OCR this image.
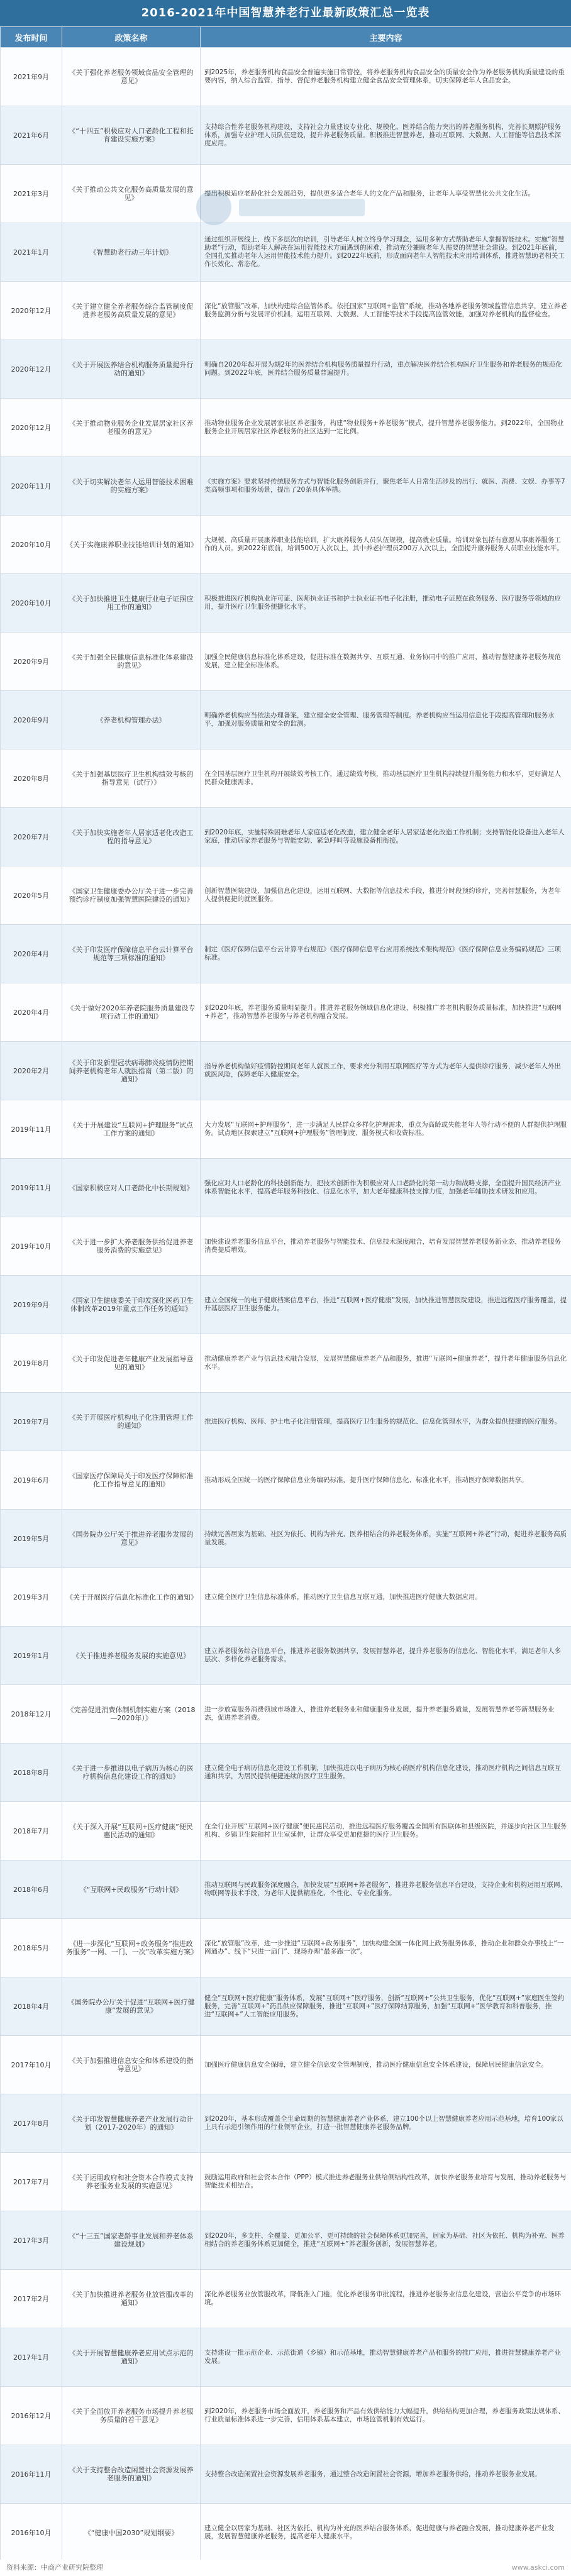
2016-2021年中国智慧养老行业最新政策汇总一览表
发布时间	政策名称	主要内容
2021年9月	《关于强化养老服务领域食品安全管理的意见》	到2025年，养老服务机构食品安全普遍实施日常管控，将养老服务机构食品安全的质量安全作为养老服务机构质量建设的重要内容，纳入综合监管、指导、督促养老服务机构建立健全食品安全管理体系，切实保障老年人食品安全。
2021年6月	《“十四五”积极应对人口老龄化工程和托育建设实施方案》	支持综合性养老服务机构建设，支持社会力量建设专业化、规模化、医养结合能力突出的养老服务机构，完善长期照护服务体系，加强专业护理人员队伍建设，提升养老服务质量。积极推进智慧养老，推动互联网、大数据、人工智能等信息技术深度应用。
2021年3月	《关于推动公共文化服务高质量发展的意见》	提出积极适应老龄化社会发展趋势，提供更多适合老年人的文化产品和服务，让老年人享受智慧化公共文化生活。
2021年1月	《智慧助老行动三年计划》	通过组织开展线上、线下多层次的培训，引导老年人树立终身学习理念，运用多种方式帮助老年人掌握智能技术。实施“智慧助老”行动，帮助老年人解决在运用智能技术方面遇到的困难，推动充分兼顾老年人需要的智慧社会建设。到2021年底前，全国扎实推动老年人运用智能技术能力提升。到2022年底前，形成面向老年人智能技术应用培训体系，推进智慧助老相关工作长效化、常态化。
2020年12月	《关于建立健全养老服务综合监管制度促进养老服务高质量发展的意见》	深化“放管服”改革，加快构建综合监管体系。依托国家“互联网+监管”系统，推动各地养老服务领域监管信息共享，建立养老服务监测分析与发展评价机制。运用互联网、大数据、人工智能等技术手段提高监管效能，加强对养老机构的监督检查。
2020年12月	《关于开展医养结合机构服务质量提升行动的通知》	明确自2020年起开展为期2年的医养结合机构服务质量提升行动，重点解决医养结合机构医疗卫生服务和养老服务的规范化问题。到2022年底，医养结合服务质量普遍提升。
2020年12月	《关于推动物业服务企业发展居家社区养老服务的意见》	推动物业服务企业发展居家社区养老服务，构建“物业服务+养老服务”模式，提升智慧养老服务能力。到2022年，全国物业服务企业开展居家社区养老服务的社区达到一定比例。
2020年11月	《关于切实解决老年人运用智能技术困难的实施方案》	《实施方案》要求坚持传统服务方式与智能化服务创新并行，聚焦老年人日常生活涉及的出行、就医、消费、文娱、办事等7类高频事项和服务场景，提出了20条具体举措。
2020年10月	《关于实施康养职业技能培训计划的通知》	大规模、高质量开展康养职业技能培训，扩大康养服务人员队伍规模，提高就业质量。培训对象包括有意愿从事康养服务工作的人员。到2022年底前，培训500万人次以上，其中养老护理员200万人次以上，全面提升康养服务人员职业技能水平。
2020年10月	《关于加快推进卫生健康行业电子证照应用工作的通知》	积极推进医疗机构执业许可证、医师执业证书和护士执业证书电子化注册，推动电子证照在政务服务、医疗服务等领域的应用，提升医疗卫生服务便捷化水平。
2020年9月	《关于加强全民健康信息标准化体系建设的意见》	加强全民健康信息标准化体系建设，促进标准在数据共享、互联互通、业务协同中的推广应用，推动智慧健康养老服务规范发展，建立健全标准体系。
2020年9月	《养老机构管理办法》	明确养老机构应当依法办理备案，建立健全安全管理、服务管理等制度。养老机构应当运用信息化手段提高管理和服务水平，加强对服务质量和安全的监测。
2020年8月	《关于加强基层医疗卫生机构绩效考核的指导意见（试行）》	在全国基层医疗卫生机构开展绩效考核工作，通过绩效考核，推动基层医疗卫生机构持续提升服务能力和水平，更好满足人民群众健康需求。
2020年7月	《关于加快实施老年人居家适老化改造工程的指导意见》	到2020年底，实施特殊困难老年人家庭适老化改造，建立健全老年人居家适老化改造工作机制；支持智能化设备进入老年人家庭，推动居家养老服务与智能安防、紧急呼叫等设施设备相衔接。
2020年5月	《国家卫生健康委办公厅关于进一步完善预约诊疗制度加强智慧医院建设的通知》	创新智慧医院建设，加强信息化建设，运用互联网、大数据等信息技术手段，推进分时段预约诊疗，完善智慧服务，为老年人提供便捷的就医服务。
2020年4月	《关于印发医疗保障信息平台云计算平台规范等三项标准的通知》	制定《医疗保障信息平台云计算平台规范》《医疗保障信息平台应用系统技术架构规范》《医疗保障信息业务编码规范》三项标准。
2020年4月	《关于做好2020年养老院服务质量建设专项行动工作的通知》	到2020年底，养老服务质量明显提升。推进养老服务领域信息化建设，积极推广养老机构服务质量标准，加快推进“互联网+养老”，推动智慧养老服务与养老机构融合发展。
2020年2月	《关于印发新型冠状病毒肺炎疫情防控期间养老机构老年人就医指南（第二版）的通知》	指导养老机构做好疫情防控期间老年人就医工作，要求充分利用互联网医疗等方式为老年人提供诊疗服务，减少老年人外出就医风险，保障老年人健康安全。
2019年11月	《关于开展建设“互联网+护理服务”试点工作方案的通知》	大力发展“互联网+护理服务”，进一步满足人民群众多样化护理需求，重点为高龄或失能老年人等行动不便的人群提供护理服务。试点地区探索建立“互联网+护理服务”管理制度、服务模式和收费标准。
2019年11月	《国家积极应对人口老龄化中长期规划》	强化应对人口老龄化的科技创新能力，把技术创新作为积极应对人口老龄化的第一动力和战略支撑，全面提升国民经济产业体系智能化水平，提高老年服务科技化、信息化水平，加大老年健康科技支撑力度，加强老年辅助技术研发和应用。
2019年10月	《关于进一步扩大养老服务供给促进养老服务消费的实施意见》	加快建设养老服务信息平台，推动养老服务与智能技术、信息技术深度融合，培育发展智慧养老服务新业态，推动养老服务消费提质增效。
2019年9月	《国家卫生健康委关于印发深化医药卫生体制改革2019年重点工作任务的通知》	建立全国统一的电子健康档案信息平台，推进“互联网+医疗健康”发展，加快推进智慧医院建设，推进远程医疗服务覆盖，提升基层医疗卫生服务能力。
2019年8月	《关于印发促进老年健康产业发展指导意见的通知》	推动健康养老产业与信息技术融合发展，发展智慧健康养老产品和服务，推进“互联网+健康养老”，提升老年健康服务信息化水平。
2019年7月	《关于开展医疗机构电子化注册管理工作的通知》	推进医疗机构、医师、护士电子化注册管理，提高医疗卫生服务的规范化、信息化管理水平，为群众提供便捷的医疗服务。
2019年6月	《国家医疗保障局关于印发医疗保障标准化工作指导意见的通知》	推动形成全国统一的医疗保障信息业务编码标准，提升医疗保障信息化、标准化水平，推动医疗保障数据共享。
2019年5月	《国务院办公厅关于推进养老服务发展的意见》	持续完善居家为基础、社区为依托、机构为补充、医养相结合的养老服务体系，实施“互联网+养老”行动，促进养老服务高质量发展。
2019年3月	《关于开展医疗信息化标准化工作的通知》	建立健全医疗卫生信息标准体系，推动医疗卫生信息互联互通，加快推进医疗健康大数据应用。
2019年1月	《关于推进养老服务发展的实施意见》	建立养老服务综合信息平台，推进养老服务数据共享，发展智慧养老，提升养老服务的信息化、智能化水平，满足老年人多层次、多样化养老服务需求。
2018年12月	《完善促进消费体制机制实施方案（2018—2020年）》	进一步放宽服务消费领域市场准入，推进养老服务业和健康服务业发展，提升养老服务质量，发展智慧养老等新型服务业态，促进养老消费。
2018年8月	《关于进一步推进以电子病历为核心的医疗机构信息化建设工作的通知》	建立健全电子病历信息化建设工作机制，加快推进以电子病历为核心的医疗机构信息化建设，推动医疗机构之间信息互联互通和共享，为居民提供便捷连续的医疗卫生服务。
2018年7月	《关于深入开展“互联网+医疗健康”便民惠民活动的通知》	在全行业开展“互联网+医疗健康”便民惠民活动，推进远程医疗服务覆盖全国所有医联体和县级医院，并逐步向社区卫生服务机构、乡镇卫生院和村卫生室延伸，让群众享受更加便捷的医疗卫生服务。
2018年6月	《“互联网+民政服务”行动计划》	推动互联网与民政服务深度融合，加快发展“互联网+养老服务”，推进养老服务信息平台建设，支持企业和机构运用互联网、物联网等技术手段，为老年人提供精准化、个性化、专业化服务。
2018年5月	《进一步深化“互联网+政务服务”推进政务服务“一网、一门、一次”改革实施方案》	深化“放管服”改革，进一步推进“互联网+政务服务”，加快构建全国一体化网上政务服务体系，推动企业和群众办事线上“一网通办”、线下“只进一扇门”、现场办理“最多跑一次”。
2018年4月	《国务院办公厅关于促进“互联网+医疗健康”发展的意见》	健全“互联网+医疗健康”服务体系，发展“互联网+”医疗服务，创新“互联网+”公共卫生服务，优化“互联网+”家庭医生签约服务，完善“互联网+”药品供应保障服务，推进“互联网+”医疗保障结算服务，加强“互联网+”医学教育和科普服务，推进“互联网+”人工智能应用服务。
2017年10月	《关于加强推进信息安全和体系建设的指导意见》	加强医疗健康信息安全保障，建立健全信息安全管理制度，推动医疗健康信息安全体系建设，保障居民健康信息安全。
2017年8月	《关于印发智慧健康养老产业发展行动计划（2017-2020年）的通知》	到2020年，基本形成覆盖全生命周期的智慧健康养老产业体系，建立100个以上智慧健康养老应用示范基地，培育100家以上具有示范引领作用的行业领军企业，打造一批智慧健康养老服务品牌。
2017年7月	《关于运用政府和社会资本合作模式支持养老服务业发展的实施意见》	鼓励运用政府和社会资本合作（PPP）模式推进养老服务业供给侧结构性改革，加快养老服务业培育与发展，推动养老服务与智能技术相结合。
2017年3月	《“十三五”国家老龄事业发展和养老体系建设规划》	到2020年，多支柱、全覆盖、更加公平、更可持续的社会保障体系更加完善，居家为基础、社区为依托、机构为补充、医养相结合的养老服务体系更加健全，推进“互联网+”养老服务创新，发展智慧养老。
2017年2月	《关于加快推进养老服务业放管服改革的通知》	深化养老服务业放管服改革，降低准入门槛，优化养老服务审批流程，推进养老服务业信息化建设，营造公平竞争的市场环境。
2017年1月	《关于开展智慧健康养老应用试点示范的通知》	支持建设一批示范企业、示范街道（乡镇）和示范基地，推动智慧健康养老产品和服务的推广应用，推进智慧健康养老产业发展。
2016年12月	《关于全面放开养老服务市场提升养老服务质量的若干意见》	到2020年，养老服务市场全面放开，养老服务和产品有效供给能力大幅提升，供给结构更加合理，养老服务政策法规体系、行业质量标准体系进一步完善，信用体系基本建立，市场监管机制有效运行。
2016年11月	《关于支持整合改造闲置社会资源发展养老服务的通知》	支持整合改造闲置社会资源发展养老服务，通过整合改造闲置社会资源，增加养老服务供给，推动养老服务业发展。
2016年10月	《“健康中国2030”规划纲要》	建立健全以居家为基础、社区为依托、机构为补充的医养结合服务体系，促进健康与养老融合发展，推动健康养老产业发展，发展智慧健康养老服务，提高老年人健康水平。
资料来源：中商产业研究院整理	www.askci.com
